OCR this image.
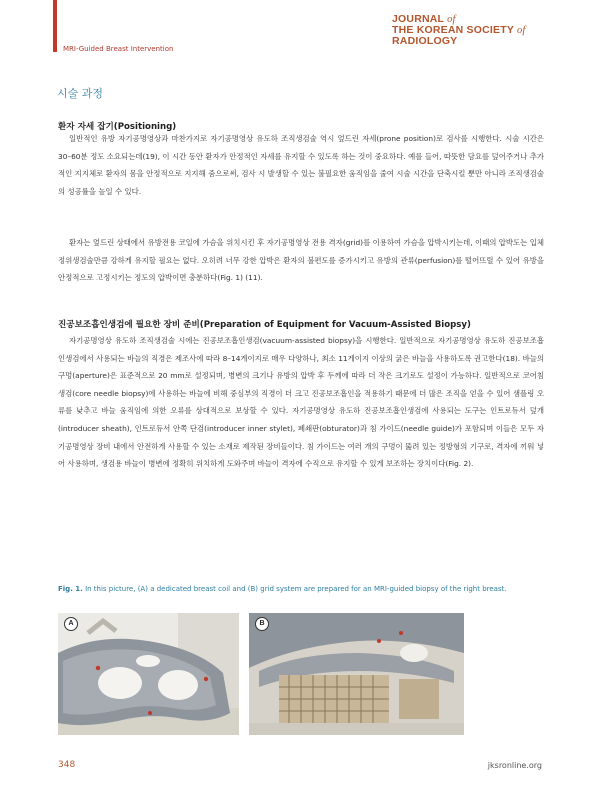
MRI-Guided Breast Intervention
JOURNAL of
THE KOREAN SOCIETY of
RADIOLOGY
시술 과정
환자 자세 잡기(Positioning)

일반적인 유방 자기공명영상과 마찬가지로 자기공명영상 유도하 조직생검술 역시 엎드린 자세(prone position)로 검사를 시행한다. 시술 시간은 30–60분 정도 소요되는데(19), 이 시간 동안 환자가 안정적인 자세를 유지할 수 있도록 하는 것이 중요하다. 예를 들어, 따뜻한 담요를 덮어주거나 추가적인 지지체로 환자의 몸을 안정적으로 지지해 줌으로써, 검사 시 발생할 수 있는 불필요한 움직임을 줄여 시술 시간을 단축시킬 뿐만 아니라 조직생검술의 성공률을 높일 수 있다.

환자는 엎드린 상태에서 유방전용 코일에 가슴을 위치시킨 후 자기공명영상 전용 격자(grid)를 이용하여 가슴을 압박시키는데, 이때의 압박도는 입체정위생검술만큼 강하게 유지할 필요는 없다. 오히려 너무 강한 압박은 환자의 불편도를 증가시키고 유방의 관류(perfusion)를 떨어뜨릴 수 있어 유방을 안정적으로 고정시키는 정도의 압박이면 충분하다(Fig. 1) (11).

진공보조흡인생검에 필요한 장비 준비(Preparation of Equipment for Vacuum-Assisted Biopsy)

자기공명영상 유도하 조직생검술 시에는 진공보조흡인생검(vacuum-assisted biopsy)을 시행한다. 일반적으로 자기공명영상 유도하 진공보조흡인생검에서 사용되는 바늘의 직경은 제조사에 따라 8–14게이지로 매우 다양하나, 최소 11게이지 이상의 굵은 바늘을 사용하도록 권고한다(18). 바늘의 구멍(aperture)은 표준적으로 20 mm로 설정되며, 병변의 크기나 유방의 압박 후 두께에 따라 더 작은 크기로도 설정이 가능하다. 일반적으로 코어침생검(core needle biopsy)에 사용하는 바늘에 비해 중심부의 직경이 더 크고 진공보조흡인을 적용하기 때문에 더 많은 조직을 얻을 수 있어 샘플링 오류를 낮추고 바늘 움직임에 의한 오류를 상대적으로 보상할 수 있다. 자기공명영상 유도하 진공보조흡인생검에 사용되는 도구는 인트로듀서 덮개(introducer sheath), 인트로듀서 안쪽 단검(introducer inner stylet), 폐쇄판(obturator)과 침 가이드(needle guide)가 포함되며 이들은 모두 자기공명영상 장비 내에서 안전하게 사용할 수 있는 소재로 제작된 장비들이다. 침 가이드는 여러 개의 구멍이 뚫려 있는 정방형의 기구로, 격자에 끼워 넣어 사용하며, 생검용 바늘이 병변에 정확히 위치하게 도와주며 바늘이 격자에 수직으로 유지할 수 있게 보조하는 장치이다(Fig. 2).

Fig. 1. In this picture, (A) a dedicated breast coil and (B) grid system are prepared for an MRI-guided biopsy of the right breast.
A	B
348	jksronline.org
